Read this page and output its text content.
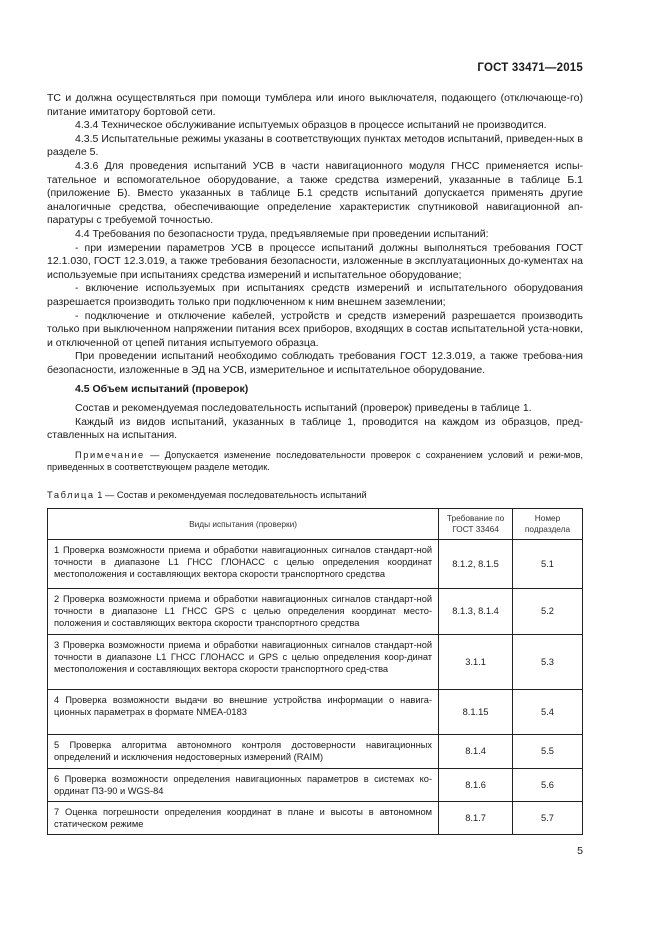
ГОСТ 33471—2015

ТС и должна осуществляться при помощи тумблера или иного выключателя, подающего (отключающе-го) питание имитатору бортовой сети.

4.3.4 Техническое обслуживание испытуемых образцов в процессе испытаний не производится.

4.3.5 Испытательные режимы указаны в соответствующих пунктах методов испытаний, приведен-ных в разделе 5.

4.3.6 Для проведения испытаний УСВ в части навигационного модуля ГНСС применяется испы-тательное и вспомогательное оборудование, а также средства измерений, указанные в таблице Б.1 (приложение Б). Вместо указанных в таблице Б.1 средств испытаний допускается применять другие аналогичные средства, обеспечивающие определение характеристик спутниковой навигационной ап-паратуры с требуемой точностью.

4.4 Требования по безопасности труда, предъявляемые при проведении испытаний:

- при измерении параметров УСВ в процессе испытаний должны выполняться требования ГОСТ 12.1.030, ГОСТ 12.3.019, а также требования безопасности, изложенные в эксплуатационных до-кументах на используемые при испытаниях средства измерений и испытательное оборудование;

- включение используемых при испытаниях средств измерений и испытательного оборудования разрешается производить только при подключенном к ним внешнем заземлении;

- подключение и отключение кабелей, устройств и средств измерений разрешается производить только при выключенном напряжении питания всех приборов, входящих в состав испытательной уста-новки, и отключенной от цепей питания испытуемого образца.

При проведении испытаний необходимо соблюдать требования ГОСТ 12.3.019, а также требова-ния безопасности, изложенные в ЭД на УСВ, измерительное и испытательное оборудование.

4.5 Объем испытаний (проверок)

Состав и рекомендуемая последовательность испытаний (проверок) приведены в таблице 1.

Каждый из видов испытаний, указанных в таблице 1, проводится на каждом из образцов, пред-ставленных на испытания.

Примечание — Допускается изменение последовательности проверок с сохранением условий и режи-мов, приведенных в соответствующем разделе методик.

Таблица 1 — Состав и рекомендуемая последовательность испытаний
Виды испытания (проверки)	Требование по ГОСТ 33464	Номер подраздела
1 Проверка возможности приема и обработки навигационных сигналов стандарт-ной точности в диапазоне L1 ГНСС ГЛОНАСС с целью определения координат местоположения и составляющих вектора скорости транспортного средства	8.1.2, 8.1.5	5.1
2 Проверка возможности приема и обработки навигационных сигналов стандарт-ной точности в диапазоне L1 ГНСС GPS с целью определения координат место-положения и составляющих вектора скорости транспортного средства	8.1.3, 8.1.4	5.2
3 Проверка возможности приема и обработки навигационных сигналов стандарт-ной точности в диапазоне L1 ГНСС ГЛОНАСС и GPS с целью определения коор-динат местоположения и составляющих вектора скорости транспортного сред-ства	3.1.1	5.3
4 Проверка возможности выдачи во внешние устройства информации о навига-ционных параметрах в формате NMEA-0183	8.1.15	5.4
5 Проверка алгоритма автономного контроля достоверности навигационных определений и исключения недостоверных измерений (RAIM)	8.1.4	5.5
6 Проверка возможности определения навигационных параметров в системах ко-ординат ПЗ-90 и WGS-84	8.1.6	5.6
7 Оценка погрешности определения координат в плане и высоты в автономном статическом режиме	8.1.7	5.7
5
